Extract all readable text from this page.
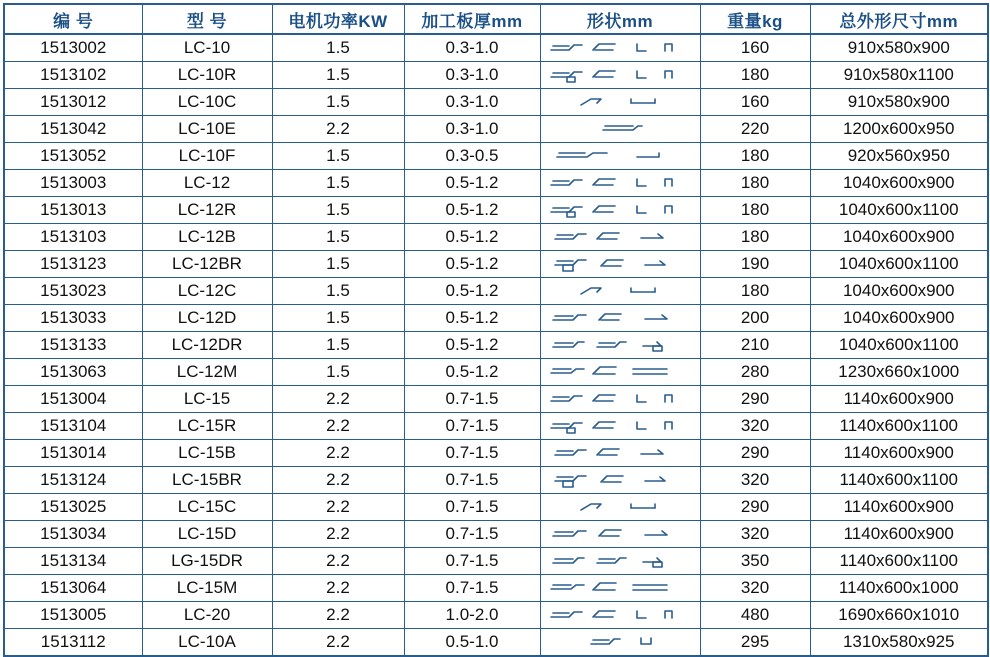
编 号	型 号	电机功率KW	加工板厚mm	形状mm	重量kg	总外形尺寸mm
1513002	LC-10	1.5	0.3-1.0		160	910x580x900
1513102	LC-10R	1.5	0.3-1.0		180	910x580x1100
1513012	LC-10C	1.5	0.3-1.0		160	910x580x900
1513042	LC-10E	2.2	0.3-1.0		220	1200x600x950
1513052	LC-10F	1.5	0.3-0.5		180	920x560x950
1513003	LC-12	1.5	0.5-1.2		180	1040x600x900
1513013	LC-12R	1.5	0.5-1.2		180	1040x600x1100
1513103	LC-12B	1.5	0.5-1.2		180	1040x600x900
1513123	LC-12BR	1.5	0.5-1.2		190	1040x600x1100
1513023	LC-12C	1.5	0.5-1.2		180	1040x600x900
1513033	LC-12D	1.5	0.5-1.2		200	1040x600x900
1513133	LC-12DR	1.5	0.5-1.2		210	1040x600x1100
1513063	LC-12M	1.5	0.5-1.2		280	1230x660x1000
1513004	LC-15	2.2	0.7-1.5		290	1140x600x900
1513104	LC-15R	2.2	0.7-1.5		320	1140x600x1100
1513014	LC-15B	2.2	0.7-1.5		290	1140x600x900
1513124	LC-15BR	2.2	0.7-1.5		320	1140x600x1100
1513025	LC-15C	2.2	0.7-1.5		290	1140x600x900
1513034	LC-15D	2.2	0.7-1.5		320	1140x600x900
1513134	LG-15DR	2.2	0.7-1.5		350	1140x600x1100
1513064	LC-15M	2.2	0.7-1.5		320	1140x600x1000
1513005	LC-20	2.2	1.0-2.0		480	1690x660x1010
1513112	LC-10A	2.2	0.5-1.0		295	1310x580x925
